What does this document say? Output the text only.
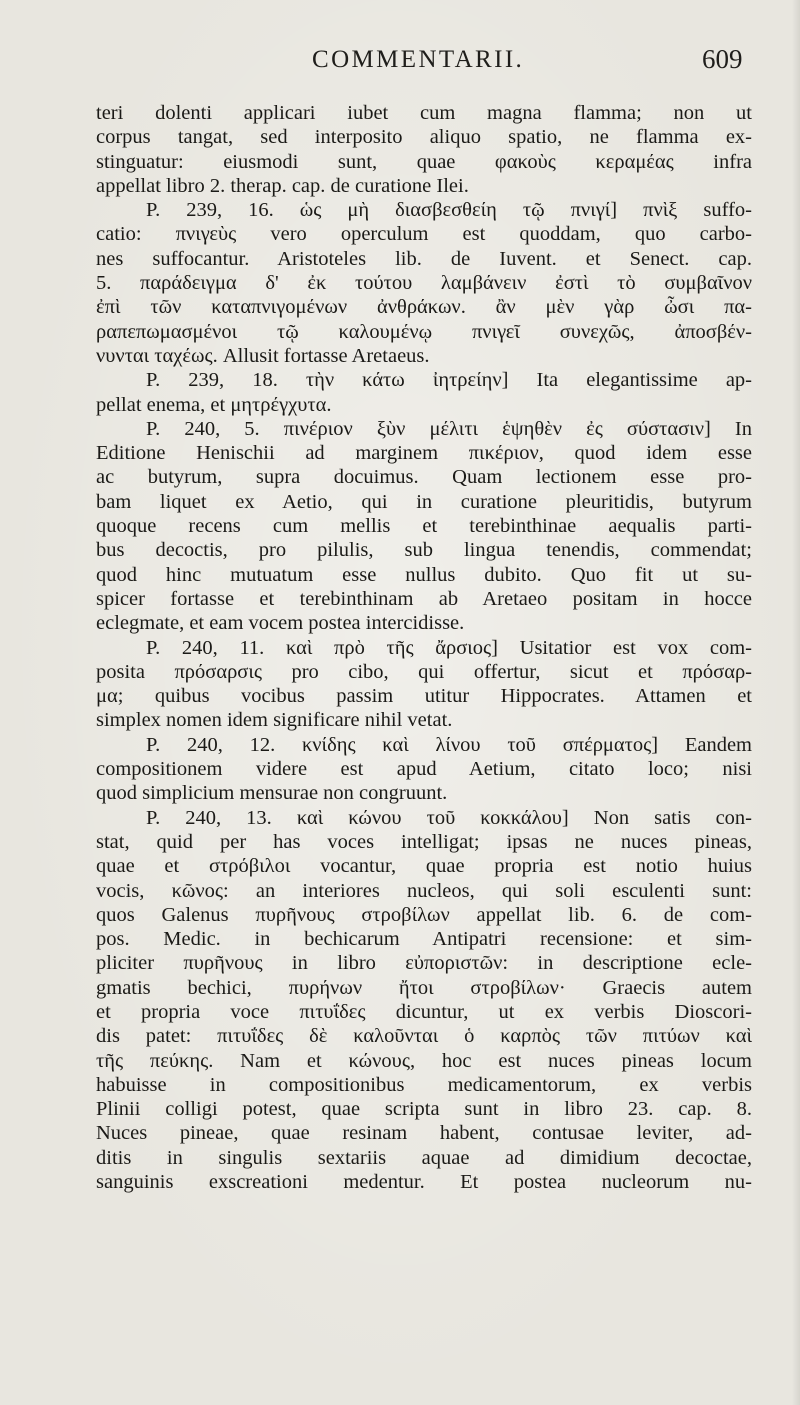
COMMENTARII.	609
teri dolenti applicari iubet cum magna flamma; non ut
corpus tangat, sed interposito aliquo spatio, ne flamma ex-
stinguatur: eiusmodi sunt, quae φακοὺς κεραμέας infra
appellat libro 2. therap. cap. de curatione Ilei.
P. 239, 16. ὡς μὴ διασβεσθείη τῷ πνιγί] πνὶξ suffo-
catio: πνιγεὺς vero operculum est quoddam, quo carbo-
nes suffocantur. Aristoteles lib. de Iuvent. et Senect. cap.
5. παράδειγμα δ' ἐκ τούτου λαμβάνειν ἐστὶ τὸ συμβαῖνον
ἐπὶ τῶν καταπνιγομένων ἀνθράκων. ἂν μὲν γὰρ ὦσι πα-
ραπεπωμασμένοι τῷ καλουμένῳ πνιγεῖ συνεχῶς, ἀποσβέν-
νυνται ταχέως. Allusit fortasse Aretaeus.
P. 239, 18. τὴν κάτω ἰητρείην] Ita elegantissime ap-
pellat enema, et μητρέγχυτα.
P. 240, 5. πινέριον ξὺν μέλιτι ἑψηθὲν ἐς σύστασιν] In
Editione Henischii ad marginem πικέριον, quod idem esse
ac butyrum, supra docuimus. Quam lectionem esse pro-
bam liquet ex Aetio, qui in curatione pleuritidis, butyrum
quoque recens cum mellis et terebinthinae aequalis parti-
bus decoctis, pro pilulis, sub lingua tenendis, commendat;
quod hinc mutuatum esse nullus dubito. Quo fit ut su-
spicer fortasse et terebinthinam ab Aretaeo positam in hocce
eclegmate, et eam vocem postea intercidisse.
P. 240, 11. καὶ πρὸ τῆς ἄρσιος] Usitatior est vox com-
posita πρόσαρσις pro cibo, qui offertur, sicut et πρόσαρ-
μα; quibus vocibus passim utitur Hippocrates. Attamen et
simplex nomen idem significare nihil vetat.
P. 240, 12. κνίδης καὶ λίνου τοῦ σπέρματος] Eandem
compositionem videre est apud Aetium, citato loco; nisi
quod simplicium mensurae non congruunt.
P. 240, 13. καὶ κώνου τοῦ κοκκάλου] Non satis con-
stat, quid per has voces intelligat; ipsas ne nuces pineas,
quae et στρόβιλοι vocantur, quae propria est notio huius
vocis, κῶνος: an interiores nucleos, qui soli esculenti sunt:
quos Galenus πυρῆνους στροβίλων appellat lib. 6. de com-
pos. Medic. in bechicarum Antipatri recensione: et sim-
pliciter πυρῆνους in libro εὐποριστῶν: in descriptione ecle-
gmatis bechici, πυρήνων ἤτοι στροβίλων· Graecis autem
et propria voce πιτυΐδες dicuntur, ut ex verbis Dioscori-
dis patet: πιτυΐδες δὲ καλοῦνται ὁ καρπὸς τῶν πιτύων καὶ
τῆς πεύκης. Nam et κώνους, hoc est nuces pineas locum
habuisse in compositionibus medicamentorum, ex verbis
Plinii colligi potest, quae scripta sunt in libro 23. cap. 8.
Nuces pineae, quae resinam habent, contusae leviter, ad-
ditis in singulis sextariis aquae ad dimidium decoctae,
sanguinis exscreationi medentur. Et postea nucleorum nu-
